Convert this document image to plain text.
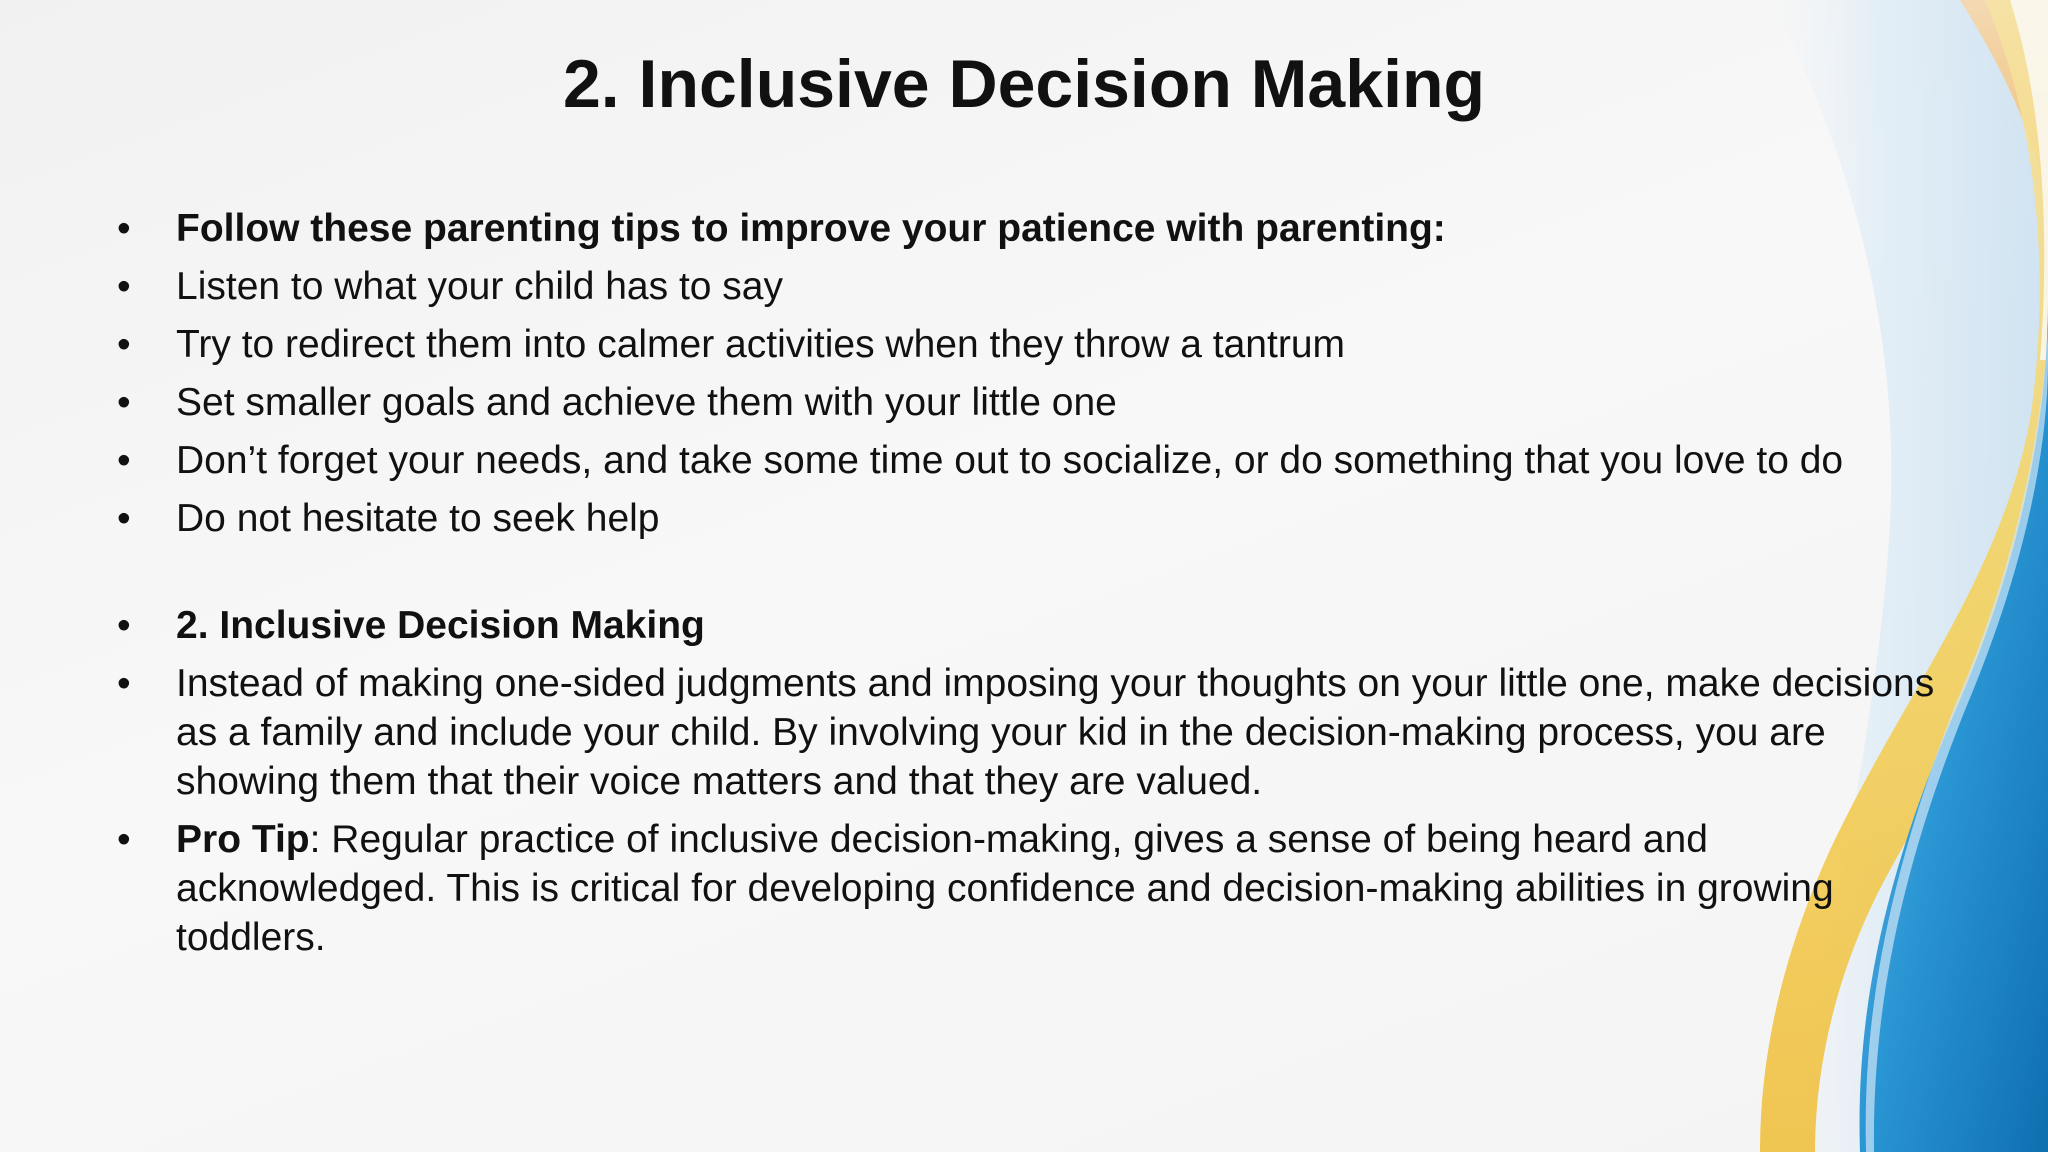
2. Inclusive Decision Making
• Follow these parenting tips to improve your patience with parenting:
• Listen to what your child has to say
• Try to redirect them into calmer activities when they throw a tantrum
• Set smaller goals and achieve them with your little one
• Don’t forget your needs, and take some time out to socialize, or do something that you love to do
• Do not hesitate to seek help
• 2. Inclusive Decision Making
• Instead of making one-sided judgments and imposing your thoughts on your little one, make decisions as a family and include your child. By involving your kid in the decision-making process, you are showing them that their voice matters and that they are valued.
• Pro Tip: Regular practice of inclusive decision-making, gives a sense of being heard and acknowledged. This is critical for developing confidence and decision-making abilities in growing toddlers.
